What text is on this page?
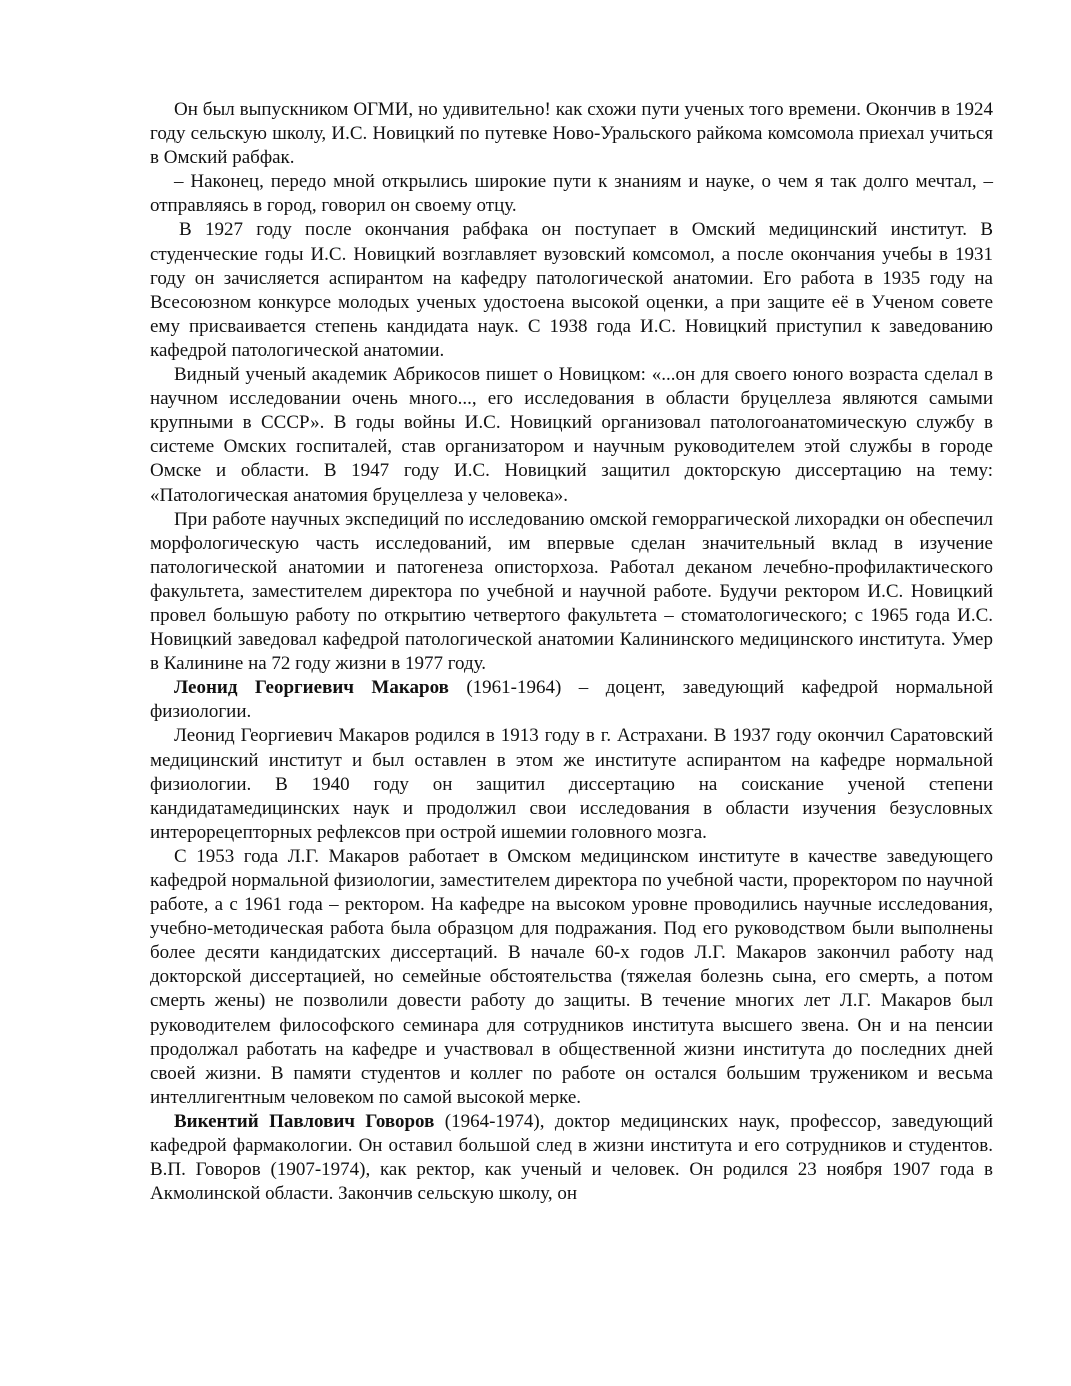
Он был выпускником ОГМИ, но удивительно! как схожи пути ученых того времени. Окончив в 1924 году сельскую школу, И.С. Новицкий по путевке Ново-Уральского райкома комсомола приехал учиться в Омский рабфак.

– Наконец, передо мной открылись широкие пути к знаниям и науке, о чем я так долго мечтал, – отправляясь в город, говорил он своему отцу.

В 1927 году после окончания рабфака он поступает в Омский медицинский институт. В студенческие годы И.С. Новицкий возглавляет вузовский комсомол, а после окончания учебы в 1931 году он зачисляется аспирантом на кафедру патологической анатомии. Его работа в 1935 году на Всесоюзном конкурсе молодых ученых удостоена высокой оценки, а при защите её в Ученом совете ему присваивается степень кандидата наук. С 1938 года И.С. Новицкий приступил к заведованию кафедрой патологической анатомии.

Видный ученый академик Абрикосов пишет о Новицком: «...он для своего юного возраста сделал в научном исследовании очень много..., его исследования в области бруцеллеза являются самыми крупными в СССР». В годы войны И.С. Новицкий организовал патологоанатомическую службу в системе Омских госпиталей, став организатором и научным руководителем этой службы в городе Омске и области. В 1947 году И.С. Новицкий защитил докторскую диссертацию на тему: «Патологическая анатомия бруцеллеза у человека».

При работе научных экспедиций по исследованию омской геморрагической лихорадки он обеспечил морфологическую часть исследований, им впервые сделан значительный вклад в изучение патологической анатомии и патогенеза описторхоза. Работал деканом лечебно-профилактического факультета, заместителем директора по учебной и научной работе. Будучи ректором И.С. Новицкий провел большую работу по открытию четвертого факультета – стоматологического; с 1965 года И.С. Новицкий заведовал кафедрой патологической анатомии Калининского медицинского института. Умер в Калинине на 72 году жизни в 1977 году.

Леонид Георгиевич Макаров (1961-1964) – доцент, заведующий кафедрой нормальной физиологии.

Леонид Георгиевич Макаров родился в 1913 году в г. Астрахани. В 1937 году окончил Саратовский медицинский институт и был оставлен в этом же институте аспирантом на кафедре нормальной физиологии. В 1940 году он защитил диссертацию на соискание ученой степени кандидатамедицинских наук и продолжил свои исследования в области изучения безусловных интерорецепторных рефлексов при острой ишемии головного мозга.

С 1953 года Л.Г. Макаров работает в Омском медицинском институте в качестве заведующего кафедрой нормальной физиологии, заместителем директора по учебной части, проректором по научной работе, а с 1961 года – ректором. На кафедре на высоком уровне проводились научные исследования, учебно-методическая работа была образцом для подражания. Под его руководством были выполнены более десяти кандидатских диссертаций. В начале 60-х годов Л.Г. Макаров закончил работу над докторской диссертацией, но семейные обстоятельства (тяжелая болезнь сына, его смерть, а потом смерть жены) не позволили довести работу до защиты. В течение многих лет Л.Г. Макаров был руководителем философского семинара для сотрудников института высшего звена. Он и на пенсии продолжал работать на кафедре и участвовал в общественной жизни института до последних дней своей жизни. В памяти студентов и коллег по работе он остался большим тружеником и весьма интеллигентным человеком по самой высокой мерке.

Викентий Павлович Говоров (1964-1974), доктор медицинских наук, профессор, заведующий кафедрой фармакологии. Он оставил большой след в жизни института и его сотрудников и студентов. В.П. Говоров (1907-1974), как ректор, как ученый и человек. Он родился 23 ноября 1907 года в Акмолинской области. Закончив сельскую школу, он
